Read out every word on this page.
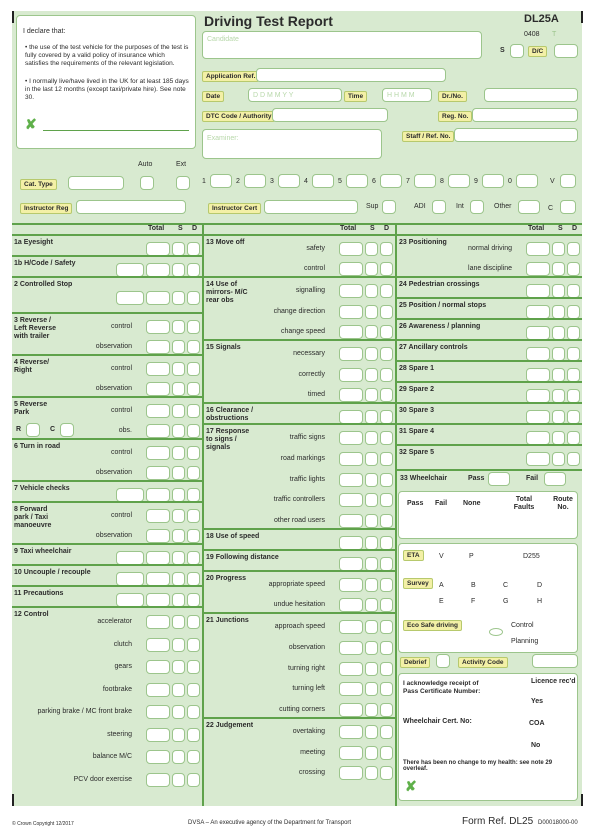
I declare that:
• the use of the test vehicle for the purposes of the test is fully covered by a valid policy of insurance which satisfies the requirements of the relevant legislation.
• I normally live/have lived in the UK for at least 185 days in the last 12 months (except taxi/private hire). See note 30.
✘
Driving Test Report	DL25A
0408 T
Candidate
S	D/C
Application Ref.
Date	D D M M Y Y	Time	H H M M	Dr./No.
DTC Code / Authority	Reg. No.
Examiner:	Staff / Ref. No.
Auto	Ext
Cat. Type	1	2	3	4	5	6	7	8	9	0	V
Instructor Reg	Instructor Cert	Sup	ADI	Int	Other	C
Total S D	Total S D	Total S D
1a Eyesight
1b H/Code / Safety
2 Controlled Stop
3 Reverse / Left Reverse with trailer
control
observation
4 Reverse/ Right	control
observation
5 Reverse Park	control
obs.
R	C
6 Turn in road
control
observation
7 Vehicle checks
8 Forward park / Taxi manoeuvre
control
observation
9 Taxi wheelchair
10 Uncouple / recouple
11 Precautions
12 Control
accelerator
clutch
gears
footbrake
parking brake / MC front brake
steering
balance M/C
PCV door exercise
13 Move off
safety
control
14 Use of mirrors- M/C rear obs
signalling
change direction
change speed
15 Signals
necessary
correctly
timed
16 Clearance / obstructions
17 Response to signs / signals
traffic signs
road markings
traffic lights
traffic controllers
other road users
18 Use of speed
19 Following distance
20 Progress
appropriate speed
undue hesitation
21 Junctions
approach speed
observation
turning right
turning left
cutting corners
22 Judgement
overtaking
meeting
crossing
23 Positioning
normal driving
lane discipline
24 Pedestrian crossings
25 Position / normal stops
26 Awareness / planning
27 Ancillary controls
28 Spare 1
29 Spare 2
30 Spare 3
31 Spare 4
32 Spare 5
33 Wheelchair	Pass	Fail
Pass Fail None
Total Faults
Route No.
ETA	V	P	D255
Survey	A	B	C	D
E	F	G	H
Eco Safe driving	Control
Planning
Debrief	Activity Code
I acknowledge receipt of Pass Certificate Number:
Licence rec'd
Yes
Wheelchair Cert. No:	COA
No
There has been no change to my health: see note 29 overleaf.
✘
© Crown Copyright 12/2017	DVSA – An executive agency of the Department for Transport	Form Ref. DL25 D00018000-00
